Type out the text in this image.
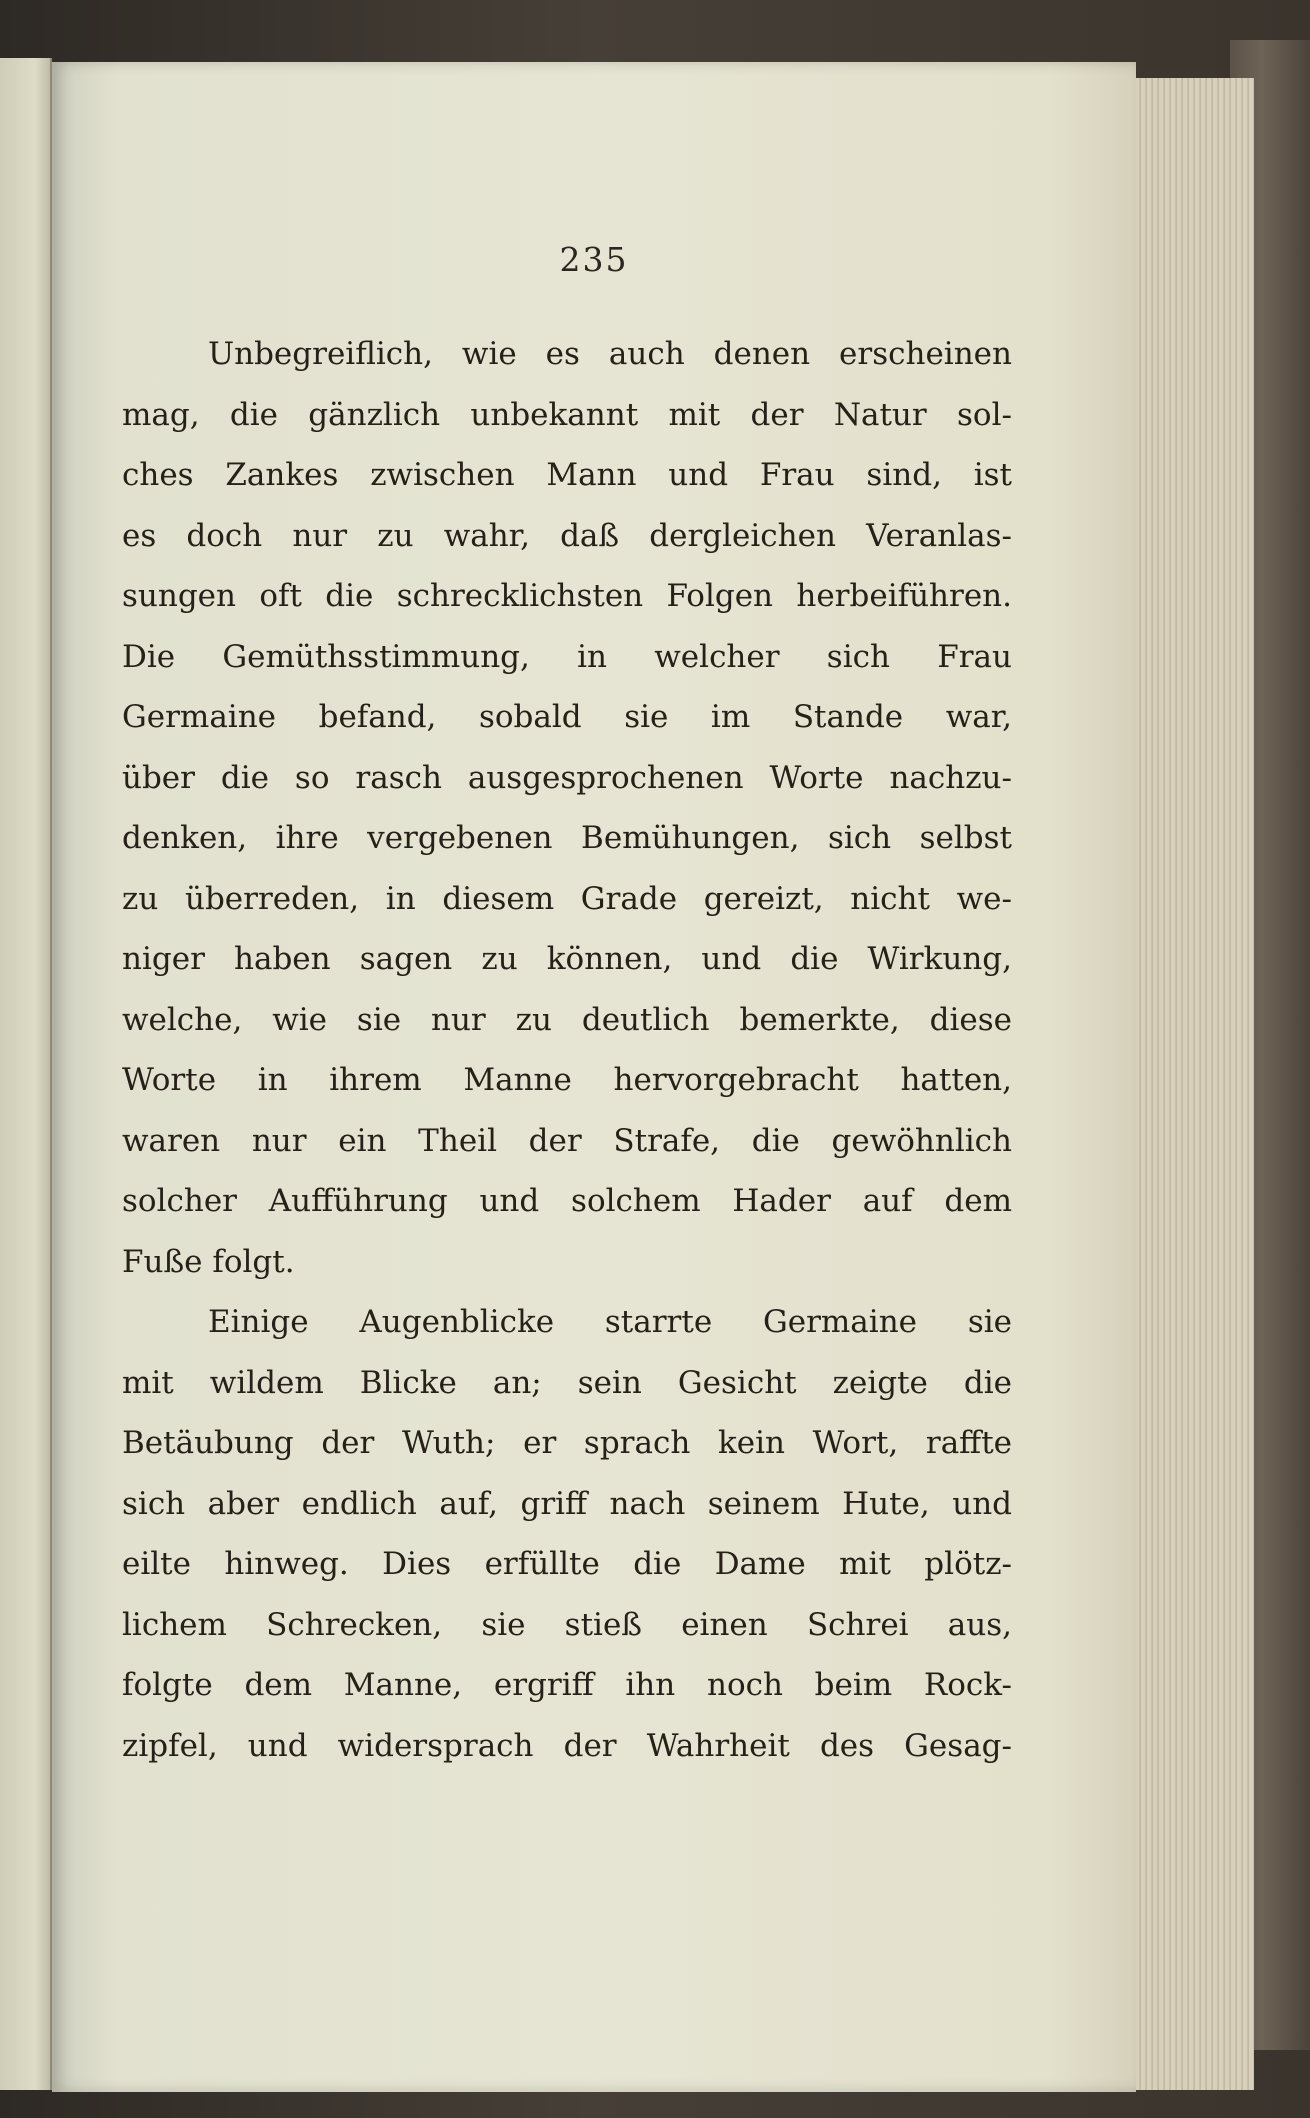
235
Unbegreiflich, wie es auch denen erscheinen
mag, die gänzlich unbekannt mit der Natur sol-
ches Zankes zwischen Mann und Frau sind, ist
es doch nur zu wahr, daß dergleichen Veranlas-
sungen oft die schrecklichsten Folgen herbeiführen.
Die Gemüthsstimmung, in welcher sich Frau
Germaine befand, sobald sie im Stande war,
über die so rasch ausgesprochenen Worte nachzu-
denken, ihre vergebenen Bemühungen, sich selbst
zu überreden, in diesem Grade gereizt, nicht we-
niger haben sagen zu können, und die Wirkung,
welche, wie sie nur zu deutlich bemerkte, diese
Worte in ihrem Manne hervorgebracht hatten,
waren nur ein Theil der Strafe, die gewöhnlich
solcher Aufführung und solchem Hader auf dem
Fuße folgt.
Einige Augenblicke starrte Germaine sie
mit wildem Blicke an; sein Gesicht zeigte die
Betäubung der Wuth; er sprach kein Wort, raffte
sich aber endlich auf, griff nach seinem Hute, und
eilte hinweg. Dies erfüllte die Dame mit plötz-
lichem Schrecken, sie stieß einen Schrei aus,
folgte dem Manne, ergriff ihn noch beim Rock-
zipfel, und widersprach der Wahrheit des Gesag-
